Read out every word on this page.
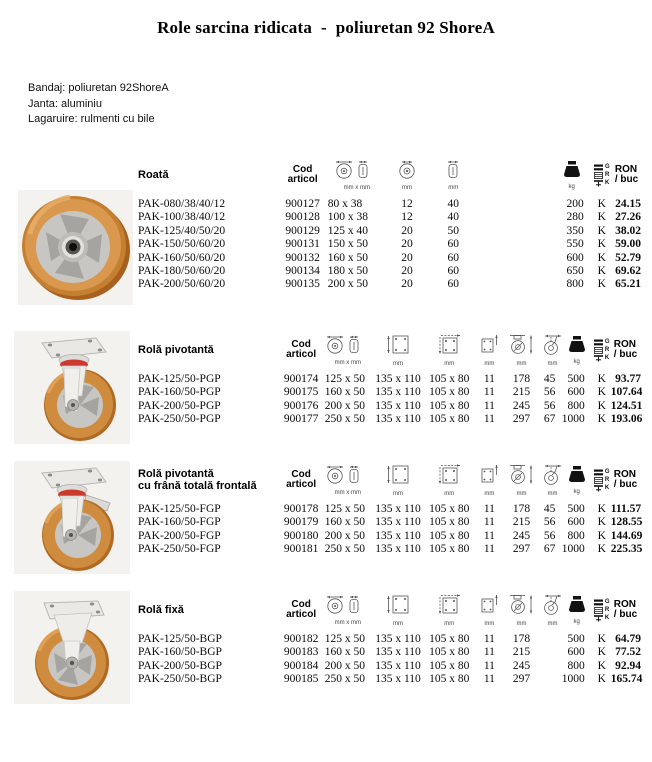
Role sarcina ridicata  -  poliuretan 92 ShoreA
Bandaj: poliuretan 92ShoreA
Janta: aluminiu
Lagaruire: rulmenti cu bile
Roată	Cod
articol	mm x mm	mm	mm		kg	G
R
K	RON
/ buc

PAK-080/38/40/12	900127	80 x 38	12	40		200	K	24.15
PAK-100/38/40/12	900128	100 x 38	12	40		280	K	27.26
PAK-125/40/50/20	900129	125 x 40	20	50		350	K	38.02
PAK-150/50/60/20	900131	150 x 50	20	60		550	K	59.00
PAK-160/50/60/20	900132	160 x 50	20	60		600	K	52.79
PAK-180/50/60/20	900134	180 x 50	20	60		650	K	69.62
PAK-200/50/60/20	900135	200 x 50	20	60		800	K	65.21
Rolă pivotantă	Cod
articol	mm x mm	mm	mm	mm	mm	mm	kg	G
R
K	RON
/ buc

PAK-125/50-PGP	900174	125 x 50	135 x 110	105 x 80	11	178	45	500	K	93.77
PAK-160/50-PGP	900175	160 x 50	135 x 110	105 x 80	11	215	56	600	K	107.64
PAK-200/50-PGP	900176	200 x 50	135 x 110	105 x 80	11	245	56	800	K	124.51
PAK-250/50-PGP	900177	250 x 50	135 x 110	105 x 80	11	297	67	1000	K	193.06
Rolă pivotantă
cu frână totală frontală

Cod
articol

mm x mm	mm	mm	mm	mm	mm	kg

G
R
K

RON
/ buc

PAK-125/50-FGP	900178	125 x 50	135 x 110	105 x 80	11	178	45	500	K	111.57
PAK-160/50-FGP	900179	160 x 50	135 x 110	105 x 80	11	215	56	600	K	128.55
PAK-200/50-FGP	900180	200 x 50	135 x 110	105 x 80	11	245	56	800	K	144.69
PAK-250/50-FGP	900181	250 x 50	135 x 110	105 x 80	11	297	67	1000	K	225.35
Rolă fixă	Cod
articol	mm x mm	mm	mm	mm	mm	mm	kg	G
R
K	RON
/ buc

PAK-125/50-BGP	900182	125 x 50	135 x 110	105 x 80	11	178		500	K	64.79
PAK-160/50-BGP	900183	160 x 50	135 x 110	105 x 80	11	215		600	K	77.52
PAK-200/50-BGP	900184	200 x 50	135 x 110	105 x 80	11	245		800	K	92.94
PAK-250/50-BGP	900185	250 x 50	135 x 110	105 x 80	11	297		1000	K	165.74
